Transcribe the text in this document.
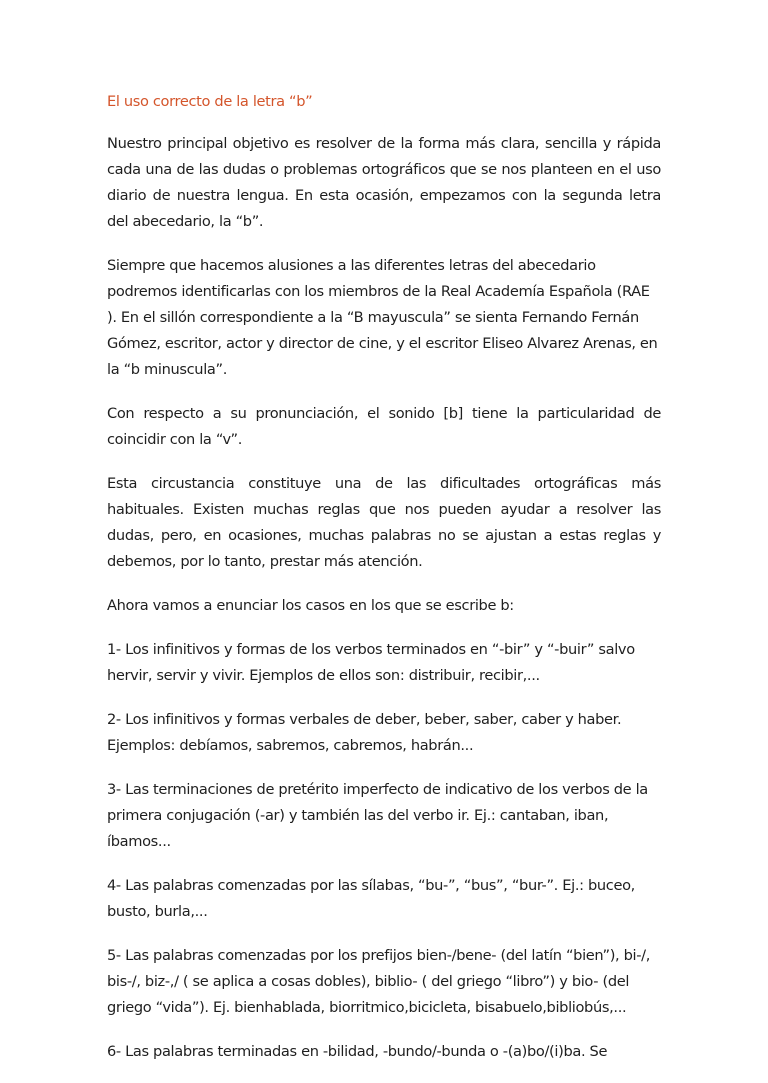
El uso correcto de la letra “b”

Nuestro principal objetivo es resolver de la forma más clara, sencilla y rápida cada una de las dudas o problemas ortográficos que se nos planteen en el uso diario de nuestra lengua. En esta ocasión, empezamos con la segunda letra del abecedario, la “b”.

Siempre que hacemos alusiones a las diferentes letras del abecedario podremos identificarlas con los miembros de la Real Academía Española (RAE ). En el sillón correspondiente a la “B mayuscula” se sienta Fernando Fernán Gómez, escritor, actor y director de cine, y el escritor Eliseo Alvarez Arenas, en la “b minuscula”.

Con respecto a su pronunciación, el sonido [b] tiene la particularidad de coincidir con la “v”.

Esta circustancia constituye una de las dificultades ortográficas más habituales. Existen muchas reglas que nos pueden ayudar a resolver las dudas, pero, en ocasiones, muchas palabras no se ajustan a estas reglas y debemos, por lo tanto, prestar más atención.

Ahora vamos a enunciar los casos en los que se escribe b:

1- Los infinitivos y formas de los verbos terminados en “-bir” y “-buir” salvo hervir, servir y vivir. Ejemplos de ellos son: distribuir, recibir,...

2- Los infinitivos y formas verbales de deber, beber, saber, caber y haber. Ejemplos: debíamos, sabremos, cabremos, habrán...

3- Las terminaciones de pretérito imperfecto de indicativo de los verbos de la primera conjugación (-ar) y también las del verbo ir. Ej.: cantaban, iban, íbamos...

4- Las palabras comenzadas por las sílabas, “bu-”, “bus”, “bur-”. Ej.: buceo, busto, burla,...

5- Las palabras comenzadas por los prefijos bien-/bene- (del latín “bien”), bi-/, bis-/, biz-,/ ( se aplica a cosas dobles), biblio- ( del griego “libro”) y bio- (del griego “vida”). Ej. bienhablada, biorritmico,bicicleta, bisabuelo,bibliobús,...

6- Las palabras terminadas en -bilidad, -bundo/-bunda o -(a)bo/(i)ba. Se
